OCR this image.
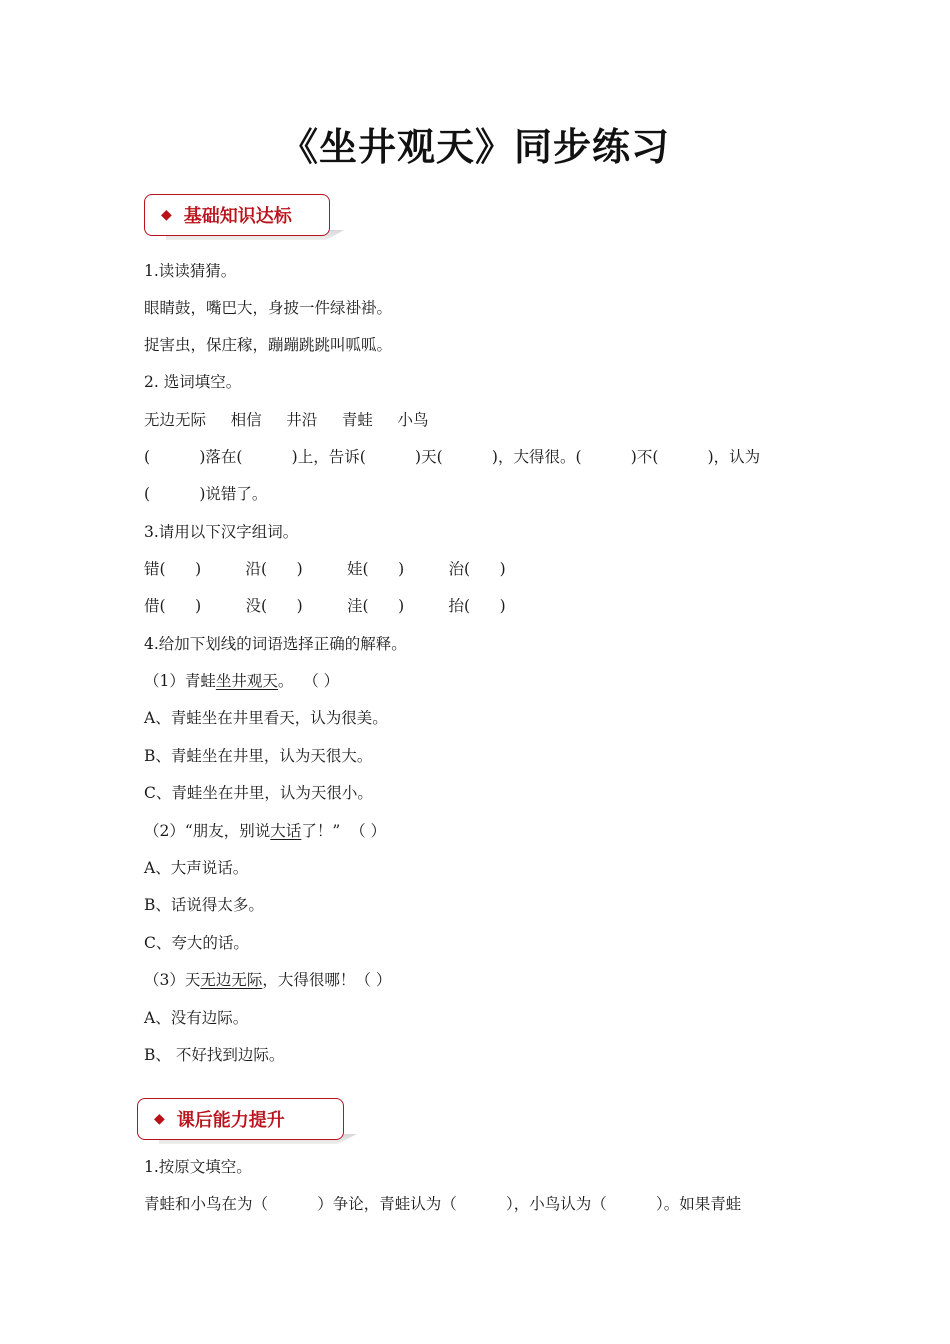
《坐井观天》同步练习
◆ 基础知识达标
1.读读猜猜。
眼睛鼓，嘴巴大，身披一件绿褂褂。
捉害虫，保庄稼，蹦蹦跳跳叫呱呱。
2. 选词填空。
无边无际     相信     井沿     青蛙     小鸟
(          )落在(          )上，告诉(          )天(          )，大得很。(          )不(          )，认为
(          )说错了。
3.请用以下汉字组词。
错(      )         沿(      )         娃(      )         治(      )
借(      )         没(      )         洼(      )         抬(      )
4.给加下划线的词语选择正确的解释。
（1）青蛙坐井观天。  （ ）
A、青蛙坐在井里看天，认为很美。
B、青蛙坐在井里，认为天很大。
C、青蛙坐在井里，认为天很小。
（2）“朋友，别说大话了！”  （ ）
A、大声说话。
B、话说得太多。
C、夸大的话。
（3）天无边无际，大得很哪！（ ）
A、没有边际。
B、 不好找到边际。
◆ 课后能力提升
1.按原文填空。
青蛙和小鸟在为（          ）争论，青蛙认为（          ），小鸟认为（          ）。如果青蛙
